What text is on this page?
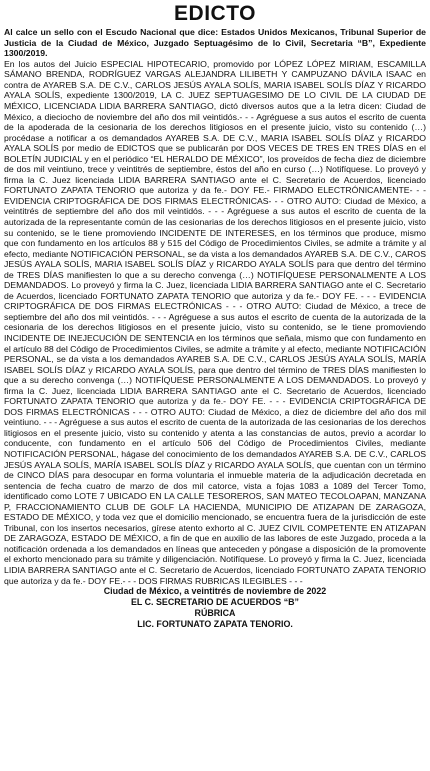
EDICTO

Al calce un sello con el Escudo Nacional que dice: Estados Unidos Mexicanos, Tribunal Superior de Justicia de la Ciudad de México, Juzgado Septuagésimo de lo Civil, Secretaria “B”, Expediente 1300/2019.

En los autos del Juicio ESPECIAL HIPOTECARIO, promovido por LÓPEZ LÓPEZ MIRIAM, ESCAMILLA SÁMANO BRENDA, RODRÍGUEZ VARGAS ALEJANDRA LILIBETH Y CAMPUZANO DÁVILA ISAAC en contra de AYAREB S.A. DE C.V., CARLOS JESÚS AYALA SOLÍS, MARIA ISABEL SOLÍS DÍAZ Y RICARDO AYALA SOLÍS, expediente 1300/2019, LA C. JUEZ SEPTUAGESIMO DE LO CIVIL DE LA CIUDAD DE MÉXICO, LICENCIADA LIDIA BARRERA SANTIAGO, dictó diversos autos que a la letra dicen: Ciudad de México, a dieciocho de noviembre del año dos mil veintidós.- - - Agréguese a sus autos el escrito de cuenta de la apoderada de la cesionaria de los derechos litigiosos en el presente juicio, visto su contenido (…) procédase a notificar a os demandados AYAREB S.A. DE C.V., MARIA ISABEL SOLÍS DÍAZ y RICARDO AYALA SOLÍS por medio de EDICTOS que se publicarán por DOS VECES DE TRES EN TRES DÍAS en el BOLETÍN JUDICIAL y en el periódico “EL HERALDO DE MÉXICO”, los proveídos de fecha diez de diciembre de dos mil veintiuno, trece y veintitrés de septiembre, éstos del año en curso (…) Notifíquese. Lo proveyó y firma la C. Juez licenciada LIDIA BARRERA SANTIAGO ante el C. Secretario de Acuerdos, licenciado FORTUNATO ZAPATA TENORIO que autoriza y da fe.- DOY FE.- FIRMADO ELECTRÓNICAMENTE- - - EVIDENCIA CRIPTOGRÁFICA DE DOS FIRMAS ELECTRÓNICAS- - - OTRO AUTO: Ciudad de México, a veintitrés de septiembre del año dos mil veintidós. - - - Agréguese a sus autos el escrito de cuenta de la autorizada de la representante común de las cesionarias de los derechos litigiosos en el presente juicio, visto su contenido, se le tiene promoviendo INCIDENTE DE INTERESES, en los términos que produce, mismo que con fundamento en los artículos 88 y 515 del Código de Procedimientos Civiles, se admite a trámite y al efecto, mediante NOTIFICACIÓN PERSONAL, se da vista a los demandados AYAREB S.A. DE C.V., CAROS JESÚS AYALA SOLÍS, MARIA ISABEL SOLÍS DÍAZ y RICARDO AYALA SOLÍS para que dentro del término de TRES DÍAS manifiesten lo que a su derecho convenga (…) NOTIFÍQUESE PERSONALMENTE A LOS DEMANDADOS. Lo proveyó y firma la C. Juez, licenciada LIDIA BARRERA SANTIAGO ante el C. Secretario de Acuerdos, licenciado FORTUNATO ZAPATA TENORIO que autoriza y da fe.- DOY FE. - - - EVIDENCIA CRIPTOGRÁFICA DE DOS FIRMAS ELECTRÓNICAS - - - OTRO AUTO: Ciudad de México, a trece de septiembre del año dos mil veintidós. - - - Agréguese a sus autos el escrito de cuenta de la autorizada de la cesionaria de los derechos litigiosos en el presente juicio, visto su contenido, se le tiene promoviendo INCIDENTE DE INEJECUCIÓN DE SENTENCIA en los términos que señala, mismo que con fundamento en el artículo 88 del Código de Procedimientos Civiles, se admite a trámite y al efecto, mediante NOTIFICACIÓN PERSONAL, se da vista a los demandados AYAREB S.A. DE C.V., CARLOS JESÚS AYALA SOLÍS, MARÍA ISABEL SOLÍS DÍAZ y RICARDO AYALA SOLÍS, para que dentro del término de TRES DÍAS manifiesten lo que a su derecho convenga (…) NOTIFÍQUESE PERSONALMENTE A LOS DEMANDADOS. Lo proveyó y firma la C. Juez, licenciada LIDIA BARRERA SANTIAGO ante el C. Secretario de Acuerdos, licenciado FORTUNATO ZAPATA TENORIO que autoriza y da fe.- DOY FE. - - - EVIDENCIA CRIPTOGRÁFICA DE DOS FIRMAS ELECTRÓNICAS - - - OTRO AUTO: Ciudad de México, a diez de diciembre del año dos mil veintiuno. - - - Agréguese a sus autos el escrito de cuenta de la autorizada de las cesionarias de los derechos litigiosos en el presente juicio, visto su contenido y atenta a las constancias de autos, previo a acordar lo conducente, con fundamento en el artículo 506 del Código de Procedimientos Civiles, mediante NOTIFICACIÓN PERSONAL, hágase del conocimiento de los demandados AYAREB S.A. DE C.V., CARLOS JESÚS AYALA SOLÍS, MARÍA ISABEL SOLÍS DÍAZ y RICARDO AYALA SOLÍS, que cuentan con un término de CINCO DÍAS para desocupar en forma voluntaria el inmueble materia de la adjudicación decretada en sentencia de fecha cuatro de marzo de dos mil catorce, vista a fojas 1083 a 1089 del Tercer Tomo, identificado como LOTE 7 UBICADO EN LA CALLE TESOREROS, SAN MATEO TECOLOAPAN, MANZANA P, FRACCIONAMIENTO CLUB DE GOLF LA HACIENDA, MUNICIPIO DE ATIZAPAN DE ZARAGOZA, ESTADO DE MÉXICO, y toda vez que el domicilio mencionado, se encuentra fuera de la jurisdicción de este Tribunal, con los insertos necesarios, gírese atento exhorto al C. JUEZ CIVIL COMPETENTE EN ATIZAPAN DE ZARAGOZA, ESTADO DE MÉXICO, a fin de que en auxilio de las labores de este Juzgado, proceda a la notificación ordenada a los demandados en líneas que anteceden y póngase a disposición de la promovente el exhorto mencionado para su trámite y diligenciación. Notifíquese. Lo proveyó y firma la C. Juez, licenciada LIDIA BARRERA SANTIAGO ante el C. Secretario de Acuerdos, licenciado FORTUNATO ZAPATA TENORIO que autoriza y da fe.- DOY FE.- - - DOS FIRMAS RUBRICAS ILEGIBLES - - -

Ciudad de México, a veintitrés de noviembre de 2022

EL C. SECRETARIO DE ACUERDOS “B”

RÚBRICA

LIC. FORTUNATO ZAPATA TENORIO.
